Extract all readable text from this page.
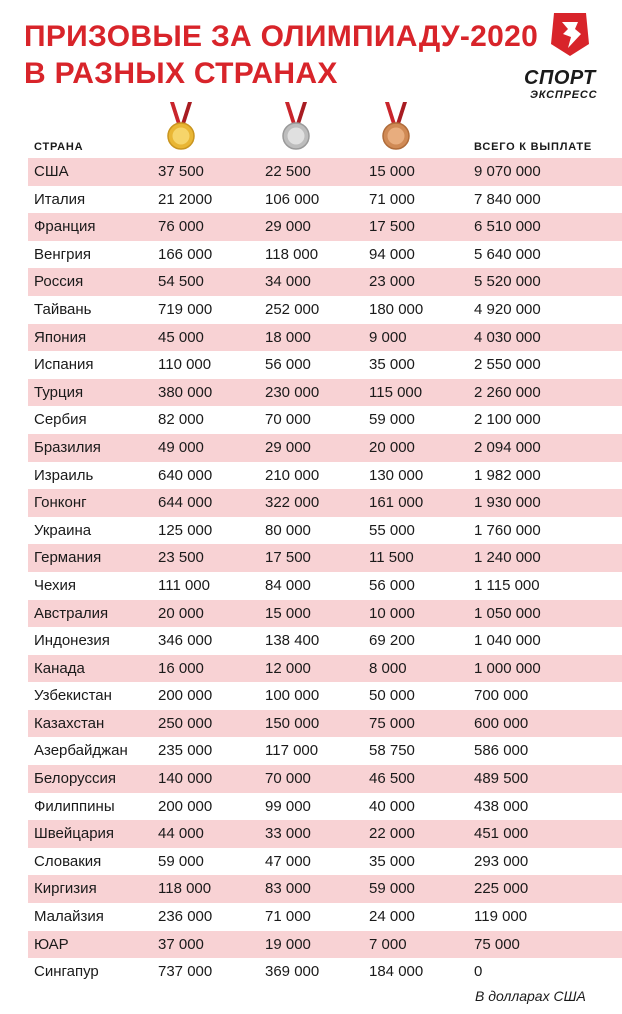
ПРИЗОВЫЕ ЗА ОЛИМПИАДУ-2020
В РАЗНЫХ СТРАНАХ	СПОРТ
ЭКСПРЕСС
СТРАНА	ВСЕГО К ВЫПЛАТЕ
США	37 500	22 500	15 000	9 070 000
Италия	21 2000	106 000	71 000	7 840 000
Франция	76 000	29 000	17 500	6 510 000
Венгрия	166 000	118 000	94 000	5 640 000
Россия	54 500	34 000	23 000	5 520 000
Тайвань	719 000	252 000	180 000	4 920 000
Япония	45 000	18 000	9 000	4 030 000
Испания	110 000	56 000	35 000	2 550 000
Турция	380 000	230 000	115 000	2 260 000
Сербия	82 000	70 000	59 000	2 100 000
Бразилия	49 000	29 000	20 000	2 094 000
Израиль	640 000	210 000	130 000	1 982 000
Гонконг	644 000	322 000	161 000	1 930 000
Украина	125 000	80 000	55 000	1 760 000
Германия	23 500	17 500	11 500	1 240 000
Чехия	111 000	84 000	56 000	1 115 000
Австралия	20 000	15 000	10 000	1 050 000
Индонезия	346 000	138 400	69 200	1 040 000
Канада	16 000	12 000	8 000	1 000 000
Узбекистан	200 000	100 000	50 000	700 000
Казахстан	250 000	150 000	75 000	600 000
Азербайджан 235 000	117 000	58 750	586 000
Белоруссия	140 000	70 000	46 500	489 500
Филиппины	200 000	99 000	40 000	438 000
Швейцария	44 000	33 000	22 000	451 000
Словакия	59 000	47 000	35 000	293 000
Киргизия	118 000	83 000	59 000	225 000
Малайзия	236 000	71 000	24 000	119 000
ЮАР	37 000	19 000	7 000	75 000
Сингапур	737 000	369 000	184 000	0
В долларах США
